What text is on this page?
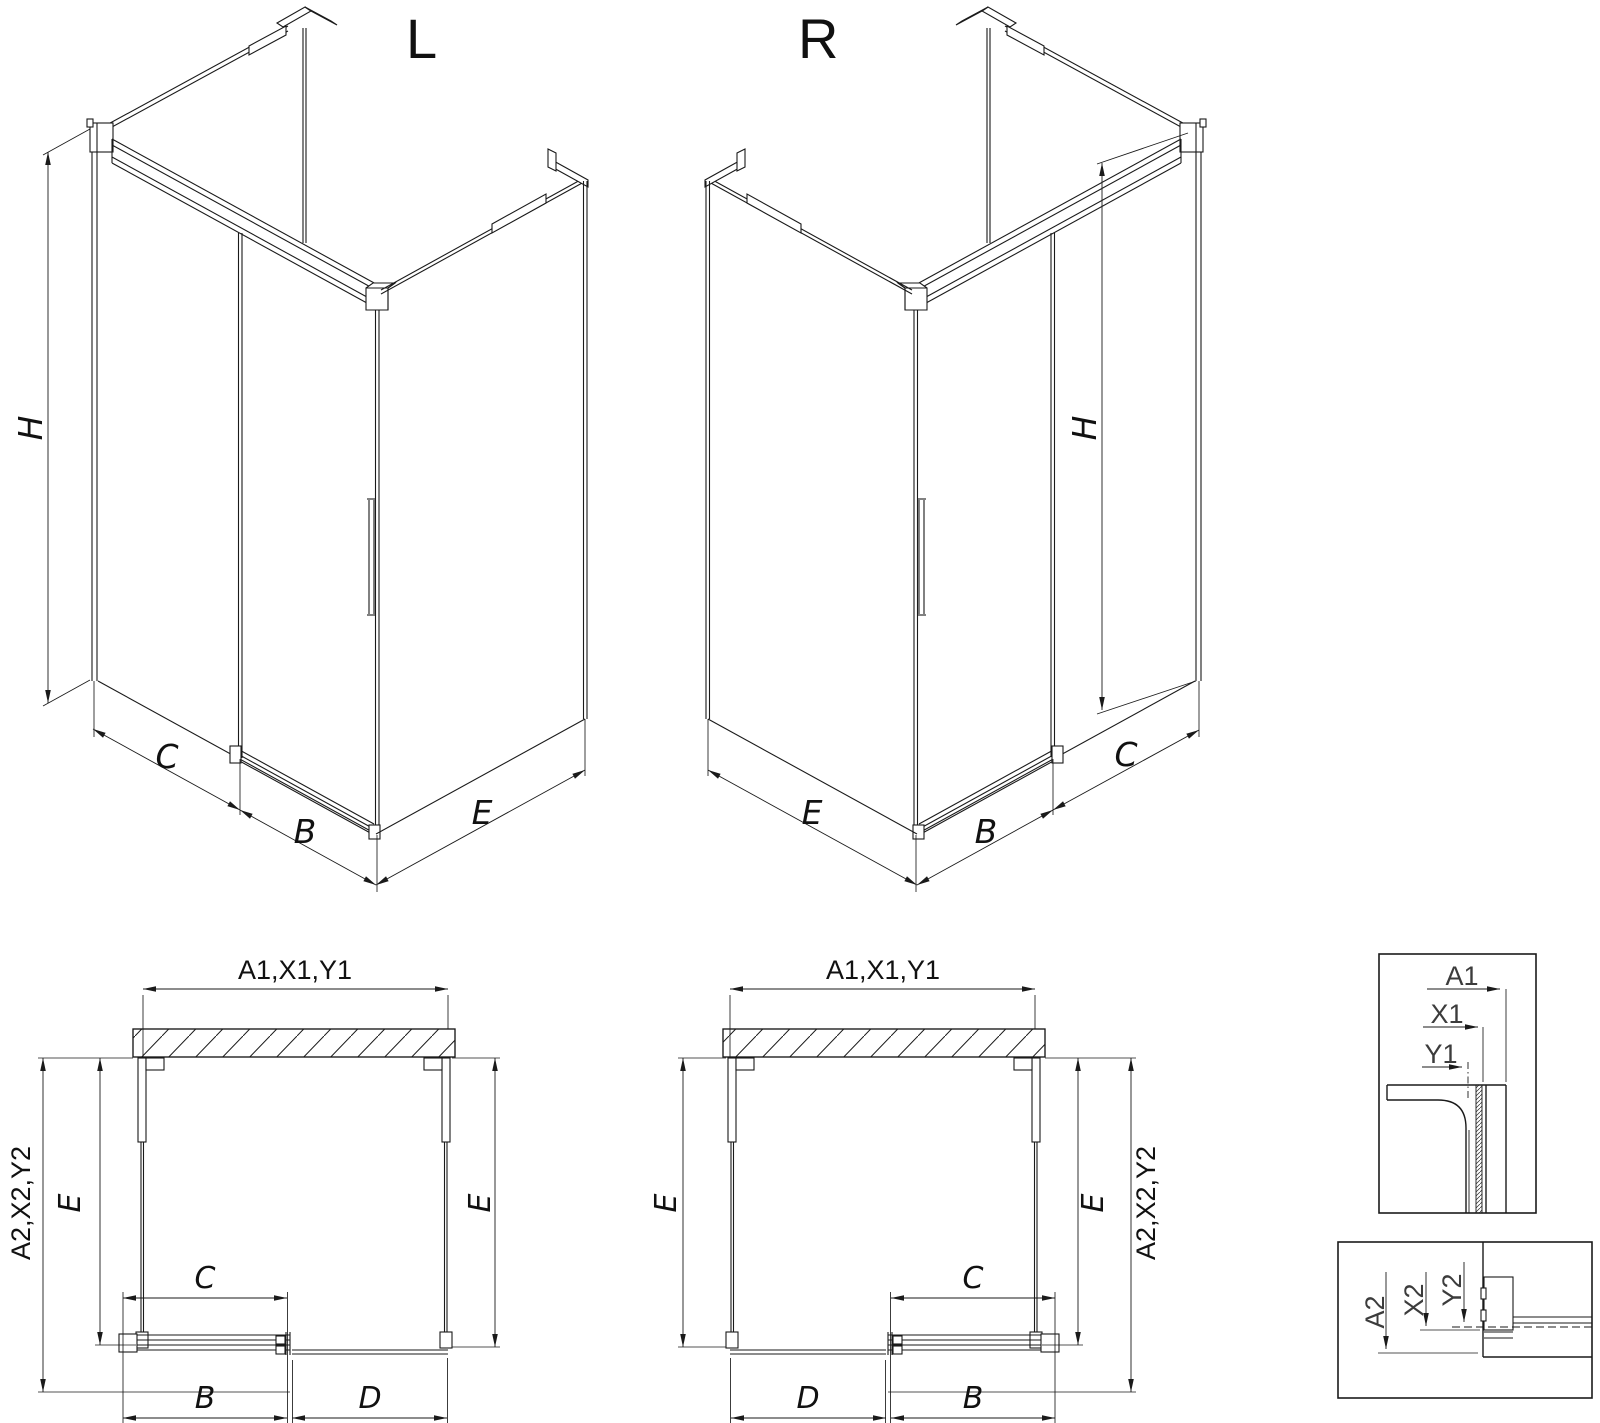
H
C
B	E
L
H
E	B
C
R
A1,X1,Y1
A2,X2,Y2 E	E
C
B	D
A1,X1,Y1
A2,X2,Y2
E	E
C
D	B
A1
X1
Y1
A2 X2 Y2
